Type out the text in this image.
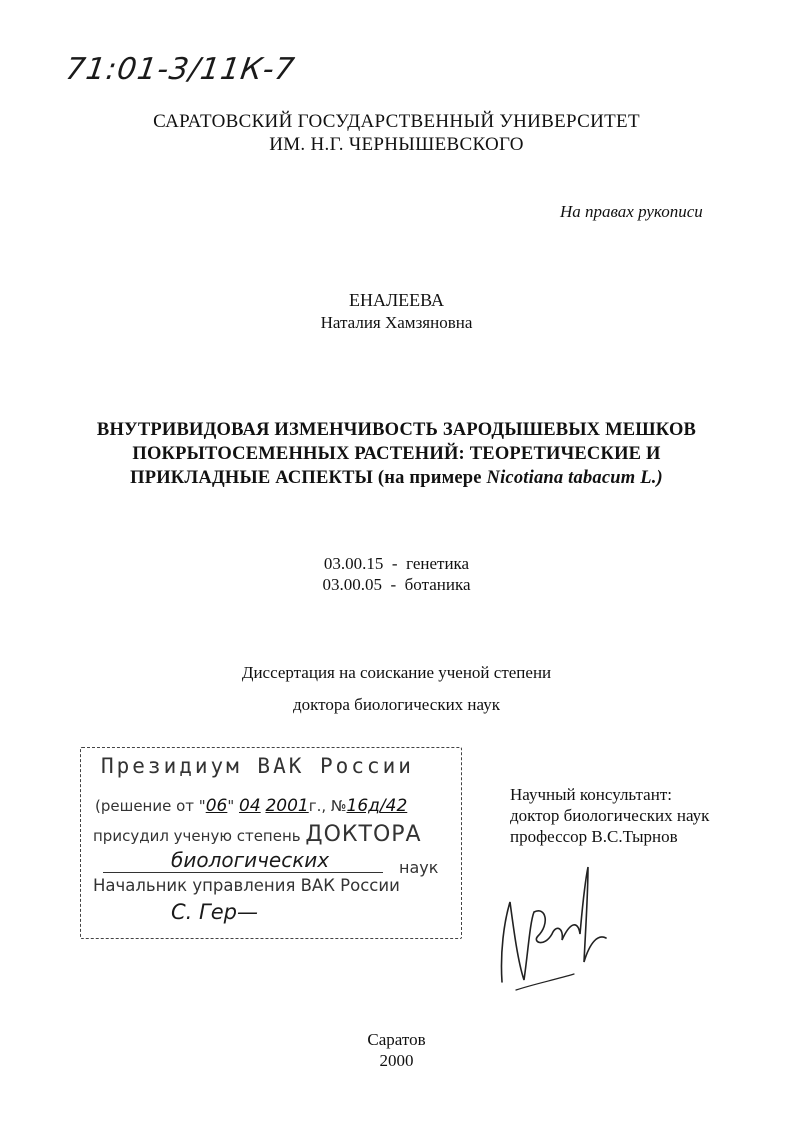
71:01-3/11К-7
САРАТОВСКИЙ ГОСУДАРСТВЕННЫЙ УНИВЕРСИТЕТ
ИМ. Н.Г. ЧЕРНЫШЕВСКОГО
На правах рукописи
ЕНАЛЕЕВА
Наталия Хамзяновна
ВНУТРИВИДОВАЯ ИЗМЕНЧИВОСТЬ ЗАРОДЫШЕВЫХ МЕШКОВ
ПОКРЫТОСЕМЕННЫХ РАСТЕНИЙ: ТЕОРЕТИЧЕСКИЕ И
ПРИКЛАДНЫЕ АСПЕКТЫ (на примере Nicotiana tabacum L.)
03.00.15  -  генетика
03.00.05  -  ботаника
Диссертация на соискание ученой степени
доктора биологических наук
Президиум ВАК России
(решение от "06" 04 2001г., №16д/42
присудил ученую степень ДОКТОРА
биологических	наук
Начальник управления ВАК России
С. Гер—
Научный консультант:
доктор биологических наук
профессор В.С.Тырнов
Саратов
2000
